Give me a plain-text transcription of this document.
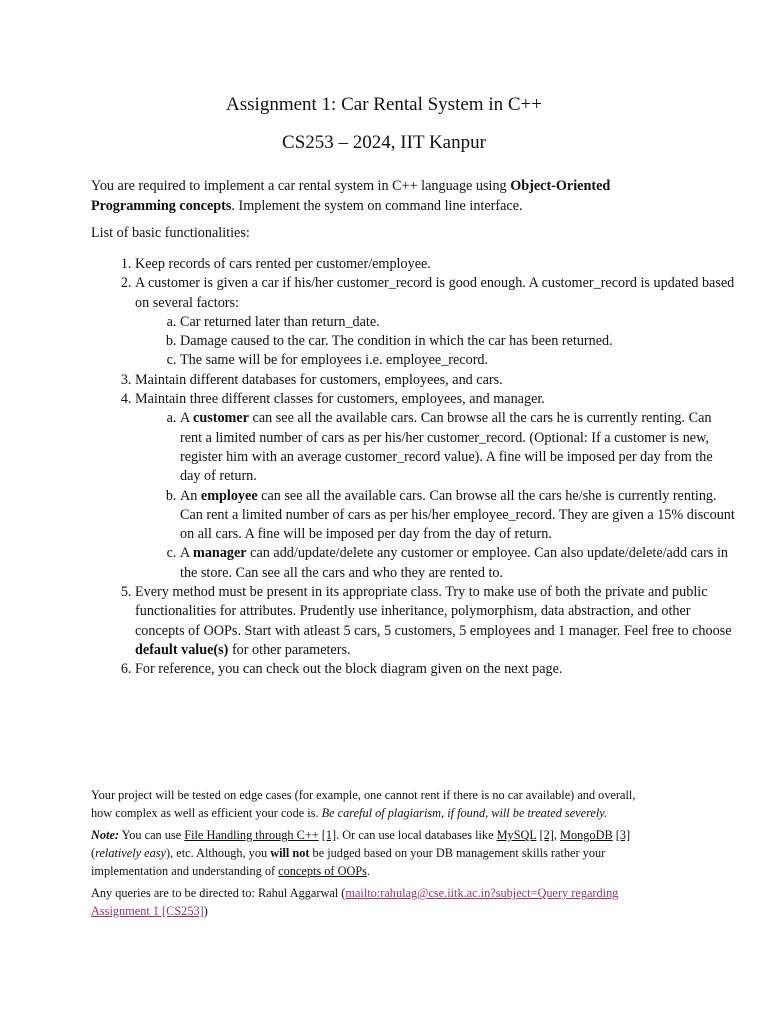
Assignment 1: Car Rental System in C++
CS253 – 2024, IIT Kanpur

You are required to implement a car rental system in C++ language using Object-Oriented Programming concepts. Implement the system on command line interface.

List of basic functionalities:

1. Keep records of cars rented per customer/employee.
2. A customer is given a car if his/her customer_record is good enough. A customer_record is updated based on several factors:
a. Car returned later than return_date.
b. Damage caused to the car. The condition in which the car has been returned.
c. The same will be for employees i.e. employee_record.
3. Maintain different databases for customers, employees, and cars.
4. Maintain three different classes for customers, employees, and manager.
a. A customer can see all the available cars. Can browse all the cars he is currently renting. Can rent a limited number of cars as per his/her customer_record. (Optional: If a customer is new, register him with an average customer_record value). A fine will be imposed per day from the day of return.
b. An employee can see all the available cars. Can browse all the cars he/she is currently renting. Can rent a limited number of cars as per his/her employee_record. They are given a 15% discount on all cars. A fine will be imposed per day from the day of return.
c. A manager can add/update/delete any customer or employee. Can also update/delete/add cars in the store. Can see all the cars and who they are rented to.
5. Every method must be present in its appropriate class. Try to make use of both the private and public functionalities for attributes. Prudently use inheritance, polymorphism, data abstraction, and other concepts of OOPs. Start with atleast 5 cars, 5 customers, 5 employees and 1 manager. Feel free to choose default value(s) for other parameters.
6. For reference, you can check out the block diagram given on the next page.

Your project will be tested on edge cases (for example, one cannot rent if there is no car available) and overall, how complex as well as efficient your code is. Be careful of plagiarism, if found, will be treated severely.

Note: You can use File Handling through C++ [1]. Or can use local databases like MySQL [2], MongoDB [3] (relatively easy), etc. Although, you will not be judged based on your DB management skills rather your implementation and understanding of concepts of OOPs.

Any queries are to be directed to: Rahul Aggarwal (mailto:rahulag@cse.iitk.ac.in?subject=Query regarding Assignment 1 [CS253])
